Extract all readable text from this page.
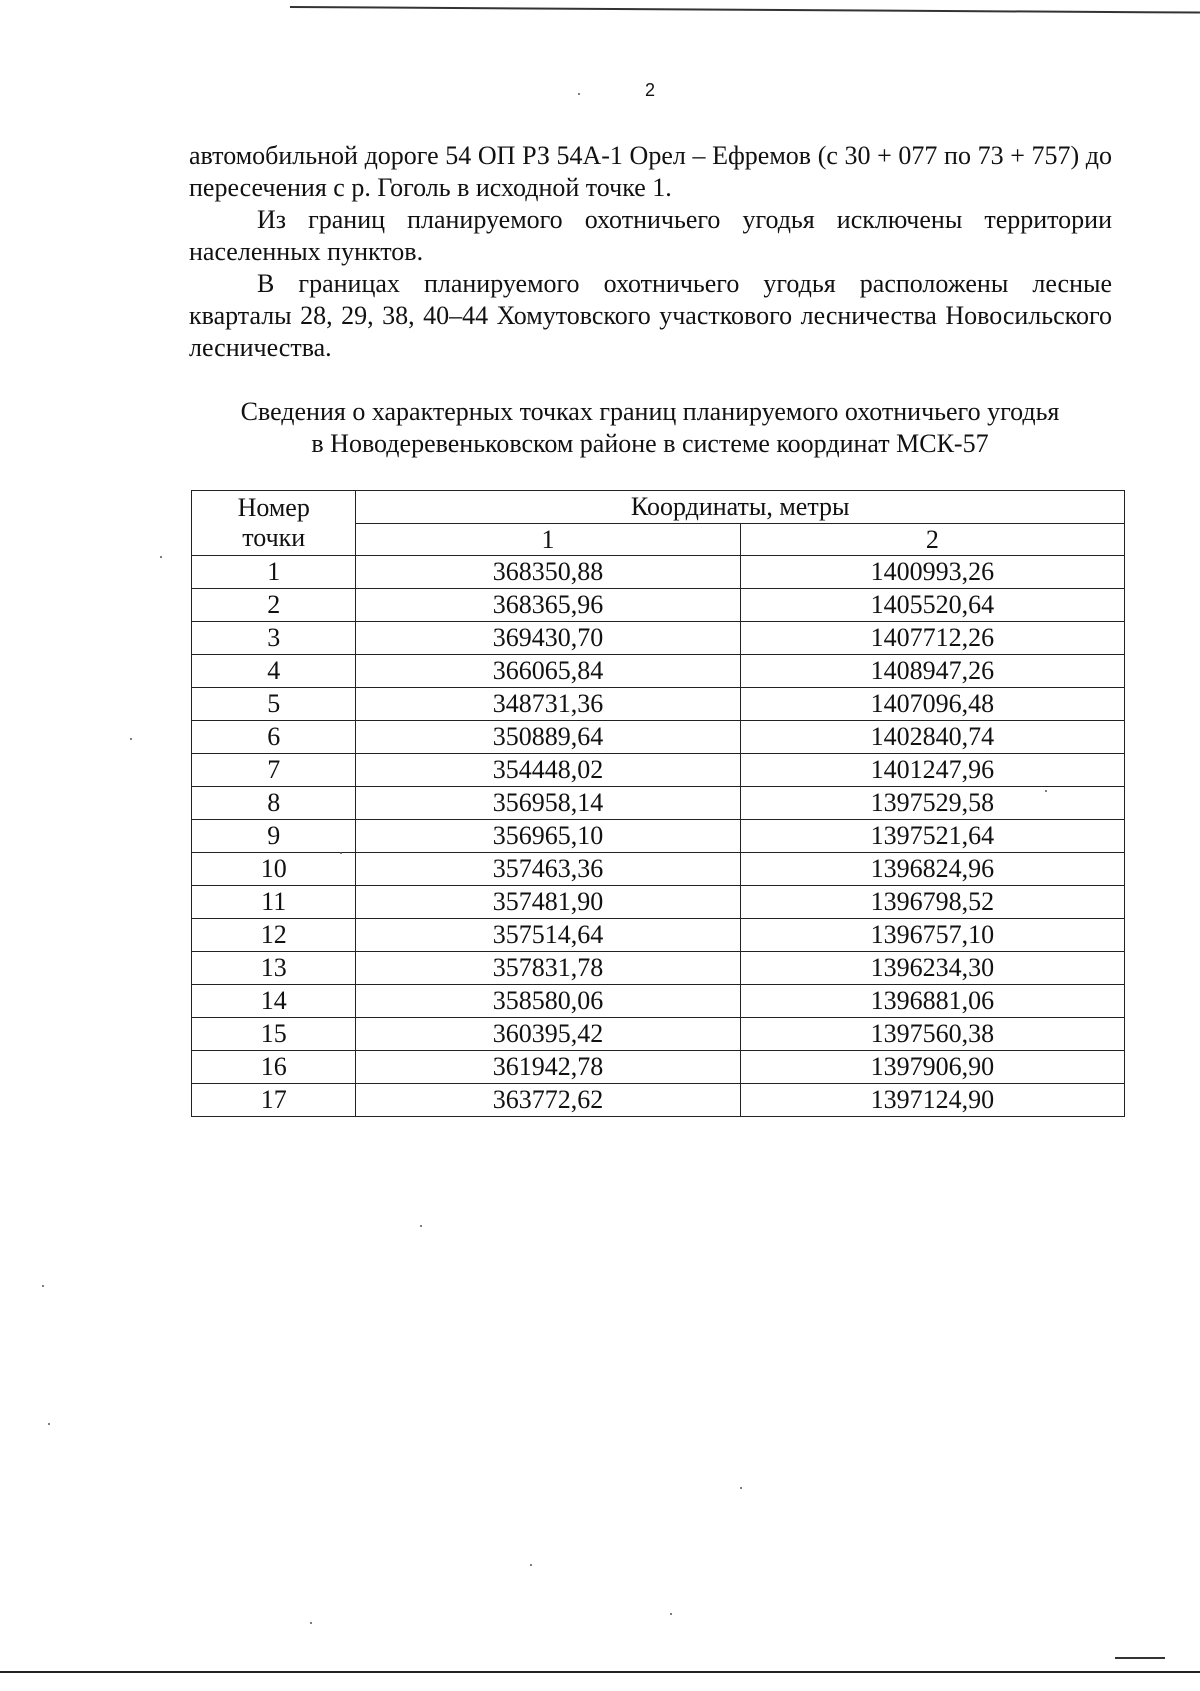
2

автомобильной дороге 54 ОП РЗ 54А-1 Орел – Ефремов (с 30 + 077 по 73 + 757) до пересечения с р. Гоголь в исходной точке 1.

Из границ планируемого охотничьего угодья исключены территории населенных пунктов.

В границах планируемого охотничьего угодья расположены лесные кварталы 28, 29, 38, 40–44 Хомутовского участкового лесничества Новосильского лесничества.

Сведения о характерных точках границ планируемого охотничьего угодья
в Новодеревеньковском районе в системе координат МСК-57
Номер
точки	Координаты, метры	
	1	2
1	368350,88	1400993,26
2	368365,96	1405520,64
3	369430,70	1407712,26
4	366065,84	1408947,26
5	348731,36	1407096,48
6	350889,64	1402840,74
7	354448,02	1401247,96
8	356958,14	1397529,58
9	356965,10	1397521,64
10	357463,36	1396824,96
11	357481,90	1396798,52
12	357514,64	1396757,10
13	357831,78	1396234,30
14	358580,06	1396881,06
15	360395,42	1397560,38
16	361942,78	1397906,90
17	363772,62	1397124,90
